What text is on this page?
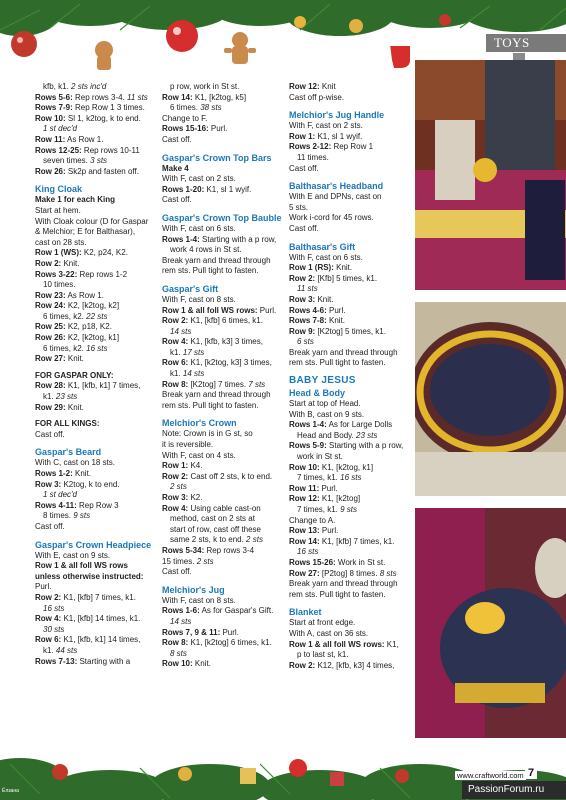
TOYS
kfb, k1. 2 sts inc'd
Rows 5-6: Rep rows 3-4. 11 sts
Rows 7-9: Rep Row 1 3 times.
Row 10: Sl 1, k2tog, k to end.
1 st dec'd
Row 11: As Row 1.
Rows 12-25: Rep rows 10-11
seven times. 3 sts
Row 26: Sk2p and fasten off.
King Cloak
Make 1 for each King
Start at hem.
With Cloak colour (D for Gaspar
& Melchior; E for Balthasar),
cast on 28 sts.
Row 1 (WS): K2, p24, K2.
Row 2: Knit.
Rows 3-22: Rep rows 1-2
10 times.
Row 23: As Row 1.
Row 24: K2, [k2tog, k2]
6 times, k2. 22 sts
Row 25: K2, p18, K2.
Row 26: K2, [k2tog, k1]
6 times, k2. 16 sts
Row 27: Knit.
FOR GASPAR ONLY:
Row 28: K1, [kfb, k1] 7 times,
k1. 23 sts
Row 29: Knit.
FOR ALL KINGS:
Cast off.
Gaspar's Beard
With C, cast on 18 sts.
Rows 1-2: Knit.
Row 3: K2tog, k to end.
1 st dec'd
Rows 4-11: Rep Row 3
8 times. 9 sts
Cast off.
Gaspar's Crown Headpiece
With E, cast on 9 sts.
Row 1 & all foll WS rows
unless otherwise instructed:
Purl.
Row 2: K1, [kfb] 7 times, k1.
16 sts
Row 4: K1, [kfb] 14 times, k1.
30 sts
Row 6: K1, [kfb, k1] 14 times,
k1. 44 sts
Rows 7-13: Starting with a
p row, work in St st.
Row 14: K1, [k2tog, k5]
6 times. 38 sts
Change to F.
Rows 15-16: Purl.
Cast off.
Gaspar's Crown Top Bars
Make 4
With F, cast on 2 sts.
Rows 1-20: K1, sl 1 wyif.
Cast off.
Gaspar's Crown Top Bauble
With F, cast on 6 sts.
Rows 1-4: Starting with a p row,
work 4 rows in St st.
Break yarn and thread through
rem sts. Pull tight to fasten.
Gaspar's Gift
With F, cast on 8 sts.
Row 1 & all foll WS rows: Purl.
Row 2: K1, [kfb] 6 times, k1.
14 sts
Row 4: K1, [kfb, k3] 3 times,
k1. 17 sts
Row 6: K1, [k2tog, k3] 3 times,
k1. 14 sts
Row 8: [K2tog] 7 times. 7 sts
Break yarn and thread through
rem sts. Pull tight to fasten.
Melchior's Crown
Note: Crown is in G st, so
it is reversible.
With F, cast on 4 sts.
Row 1: K4.
Row 2: Cast off 2 sts, k to end.
2 sts
Row 3: K2.
Row 4: Using cable cast-on
method, cast on 2 sts at
start of row, cast off these
same 2 sts, k to end. 2 sts
Rows 5-34: Rep rows 3-4
15 times. 2 sts
Cast off.
Melchior's Jug
With F, cast on 8 sts.
Rows 1-6: As for Gaspar's Gift.
14 sts
Rows 7, 9 & 11: Purl.
Row 8: K1, [k2tog] 6 times, k1.
8 sts
Row 10: Knit.
Row 12: Knit
Cast off p-wise.
Melchior's Jug Handle
With F, cast on 2 sts.
Row 1: K1, sl 1 wyif.
Rows 2-12: Rep Row 1
11 times.
Cast off.
Balthasar's Headband
With E and DPNs, cast on
5 sts.
Work i-cord for 45 rows.
Cast off.
Balthasar's Gift
With F, cast on 6 sts.
Row 1 (RS): Knit.
Row 2: [Kfb] 5 times, k1.
11 sts
Row 3: Knit.
Rows 4-6: Purl.
Rows 7-8: Knit.
Row 9: [K2tog] 5 times, k1.
6 sts
Break yarn and thread through
rem sts. Pull tight to fasten.
BABY JESUS
Head & Body
Start at top of Head.
With B, cast on 9 sts.
Rows 1-4: As for Large Dolls
Head and Body. 23 sts
Rows 5-9: Starting with a p row,
work in St st.
Row 10: K1, [k2tog, k1]
7 times, k1. 16 sts
Row 11: Purl.
Row 12: K1, [k2tog]
7 times, k1. 9 sts
Change to A.
Row 13: Purl.
Row 14: K1, [kfb] 7 times, k1.
16 sts
Rows 15-26: Work in St st.
Row 27: [P2tog] 8 times. 8 sts
Break yarn and thread through
rem sts. Pull tight to fasten.
Blanket
Start at front edge.
With A, cast on 36 sts.
Row 1 & all foll WS rows: K1,
p to last st, k1.
Row 2: K12, [kfb, k3] 4 times,
www.craftworld.com 7
PassionForum.ru
Ёлзана
